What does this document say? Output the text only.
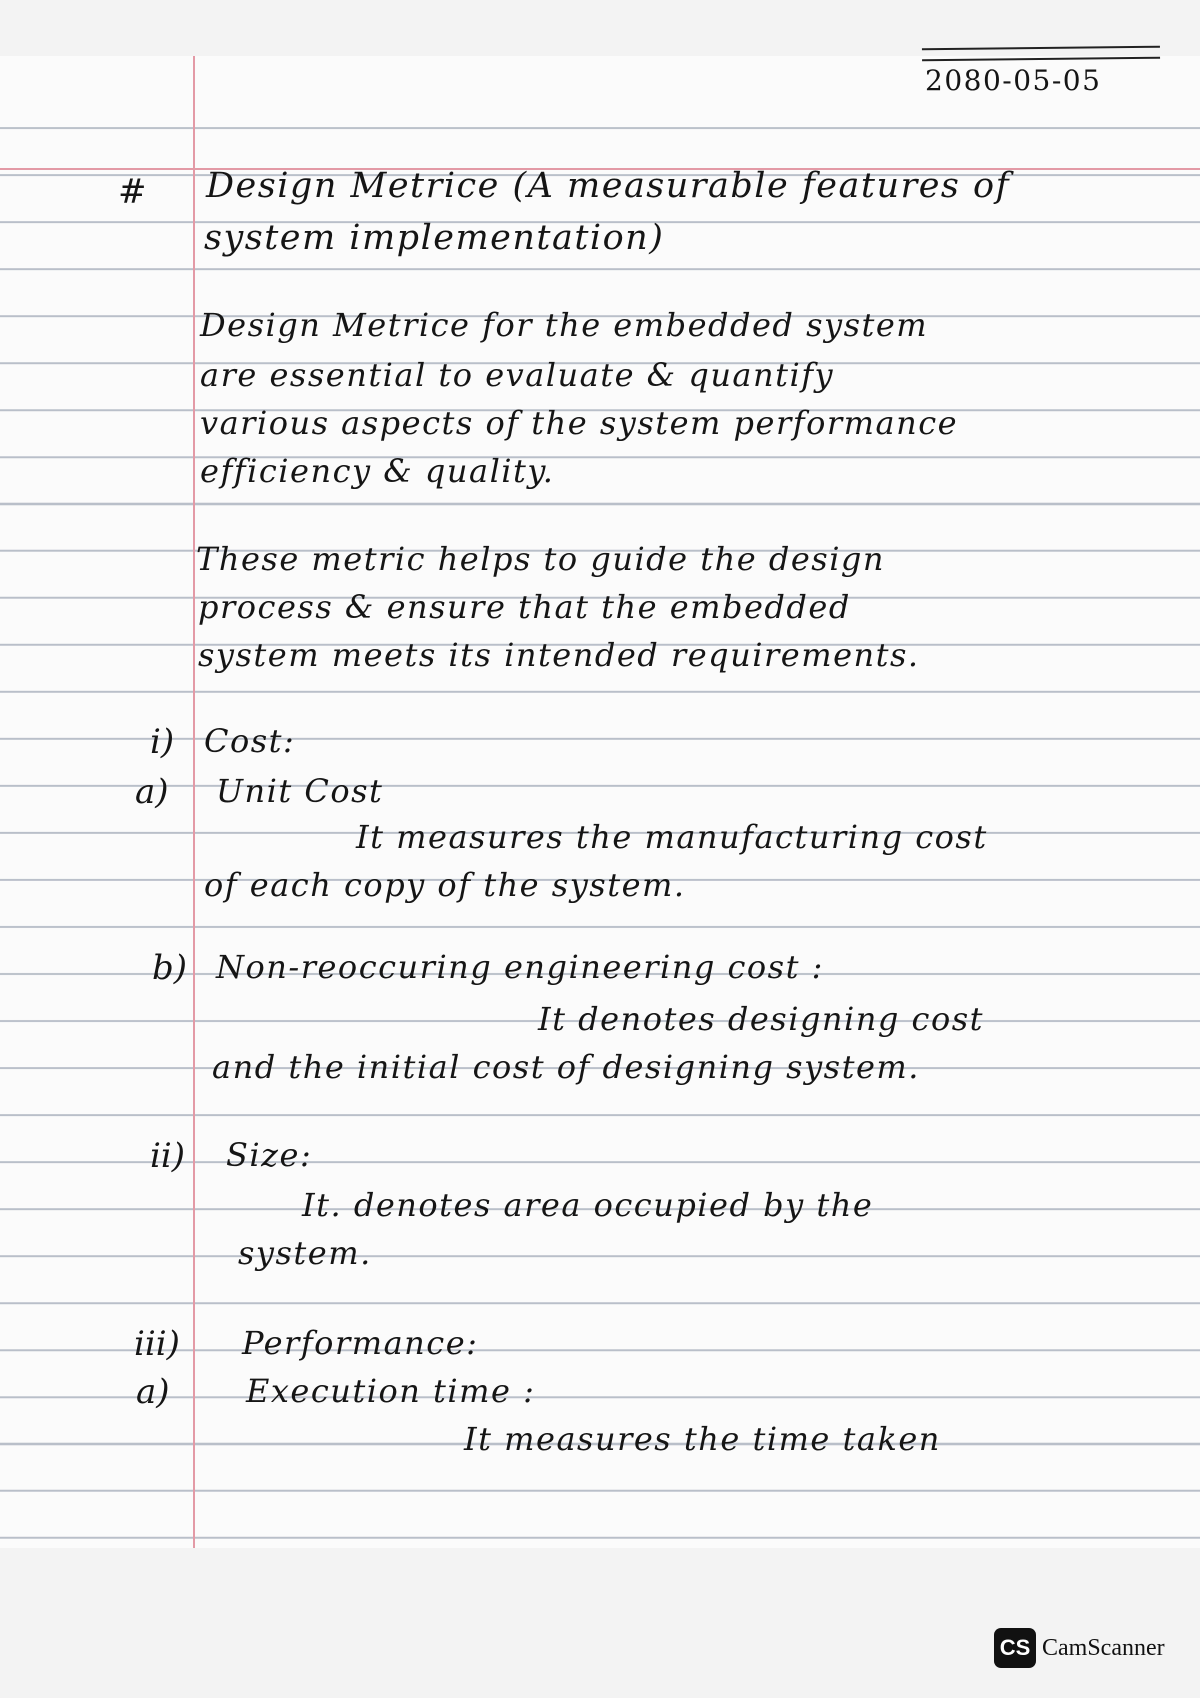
2080-05-05
# Design Metrice (A measurable features of
system implementation)
Design Metrice for the embedded system
are essential to evaluate & quantify
various aspects of the system performance
efficiency & quality.
These metric helps to guide the design
process & ensure that the embedded
system meets its intended requirements.
i) Cost:
a) Unit Cost
It measures the manufacturing cost
of each copy of the system.
b) Non-reoccuring engineering cost :
It denotes designing cost
and the initial cost of designing system.
ii) Size:
It. denotes area occupied by the
system.
iii) Performance:
a) Execution time :
It measures the time taken
CS CamScanner
